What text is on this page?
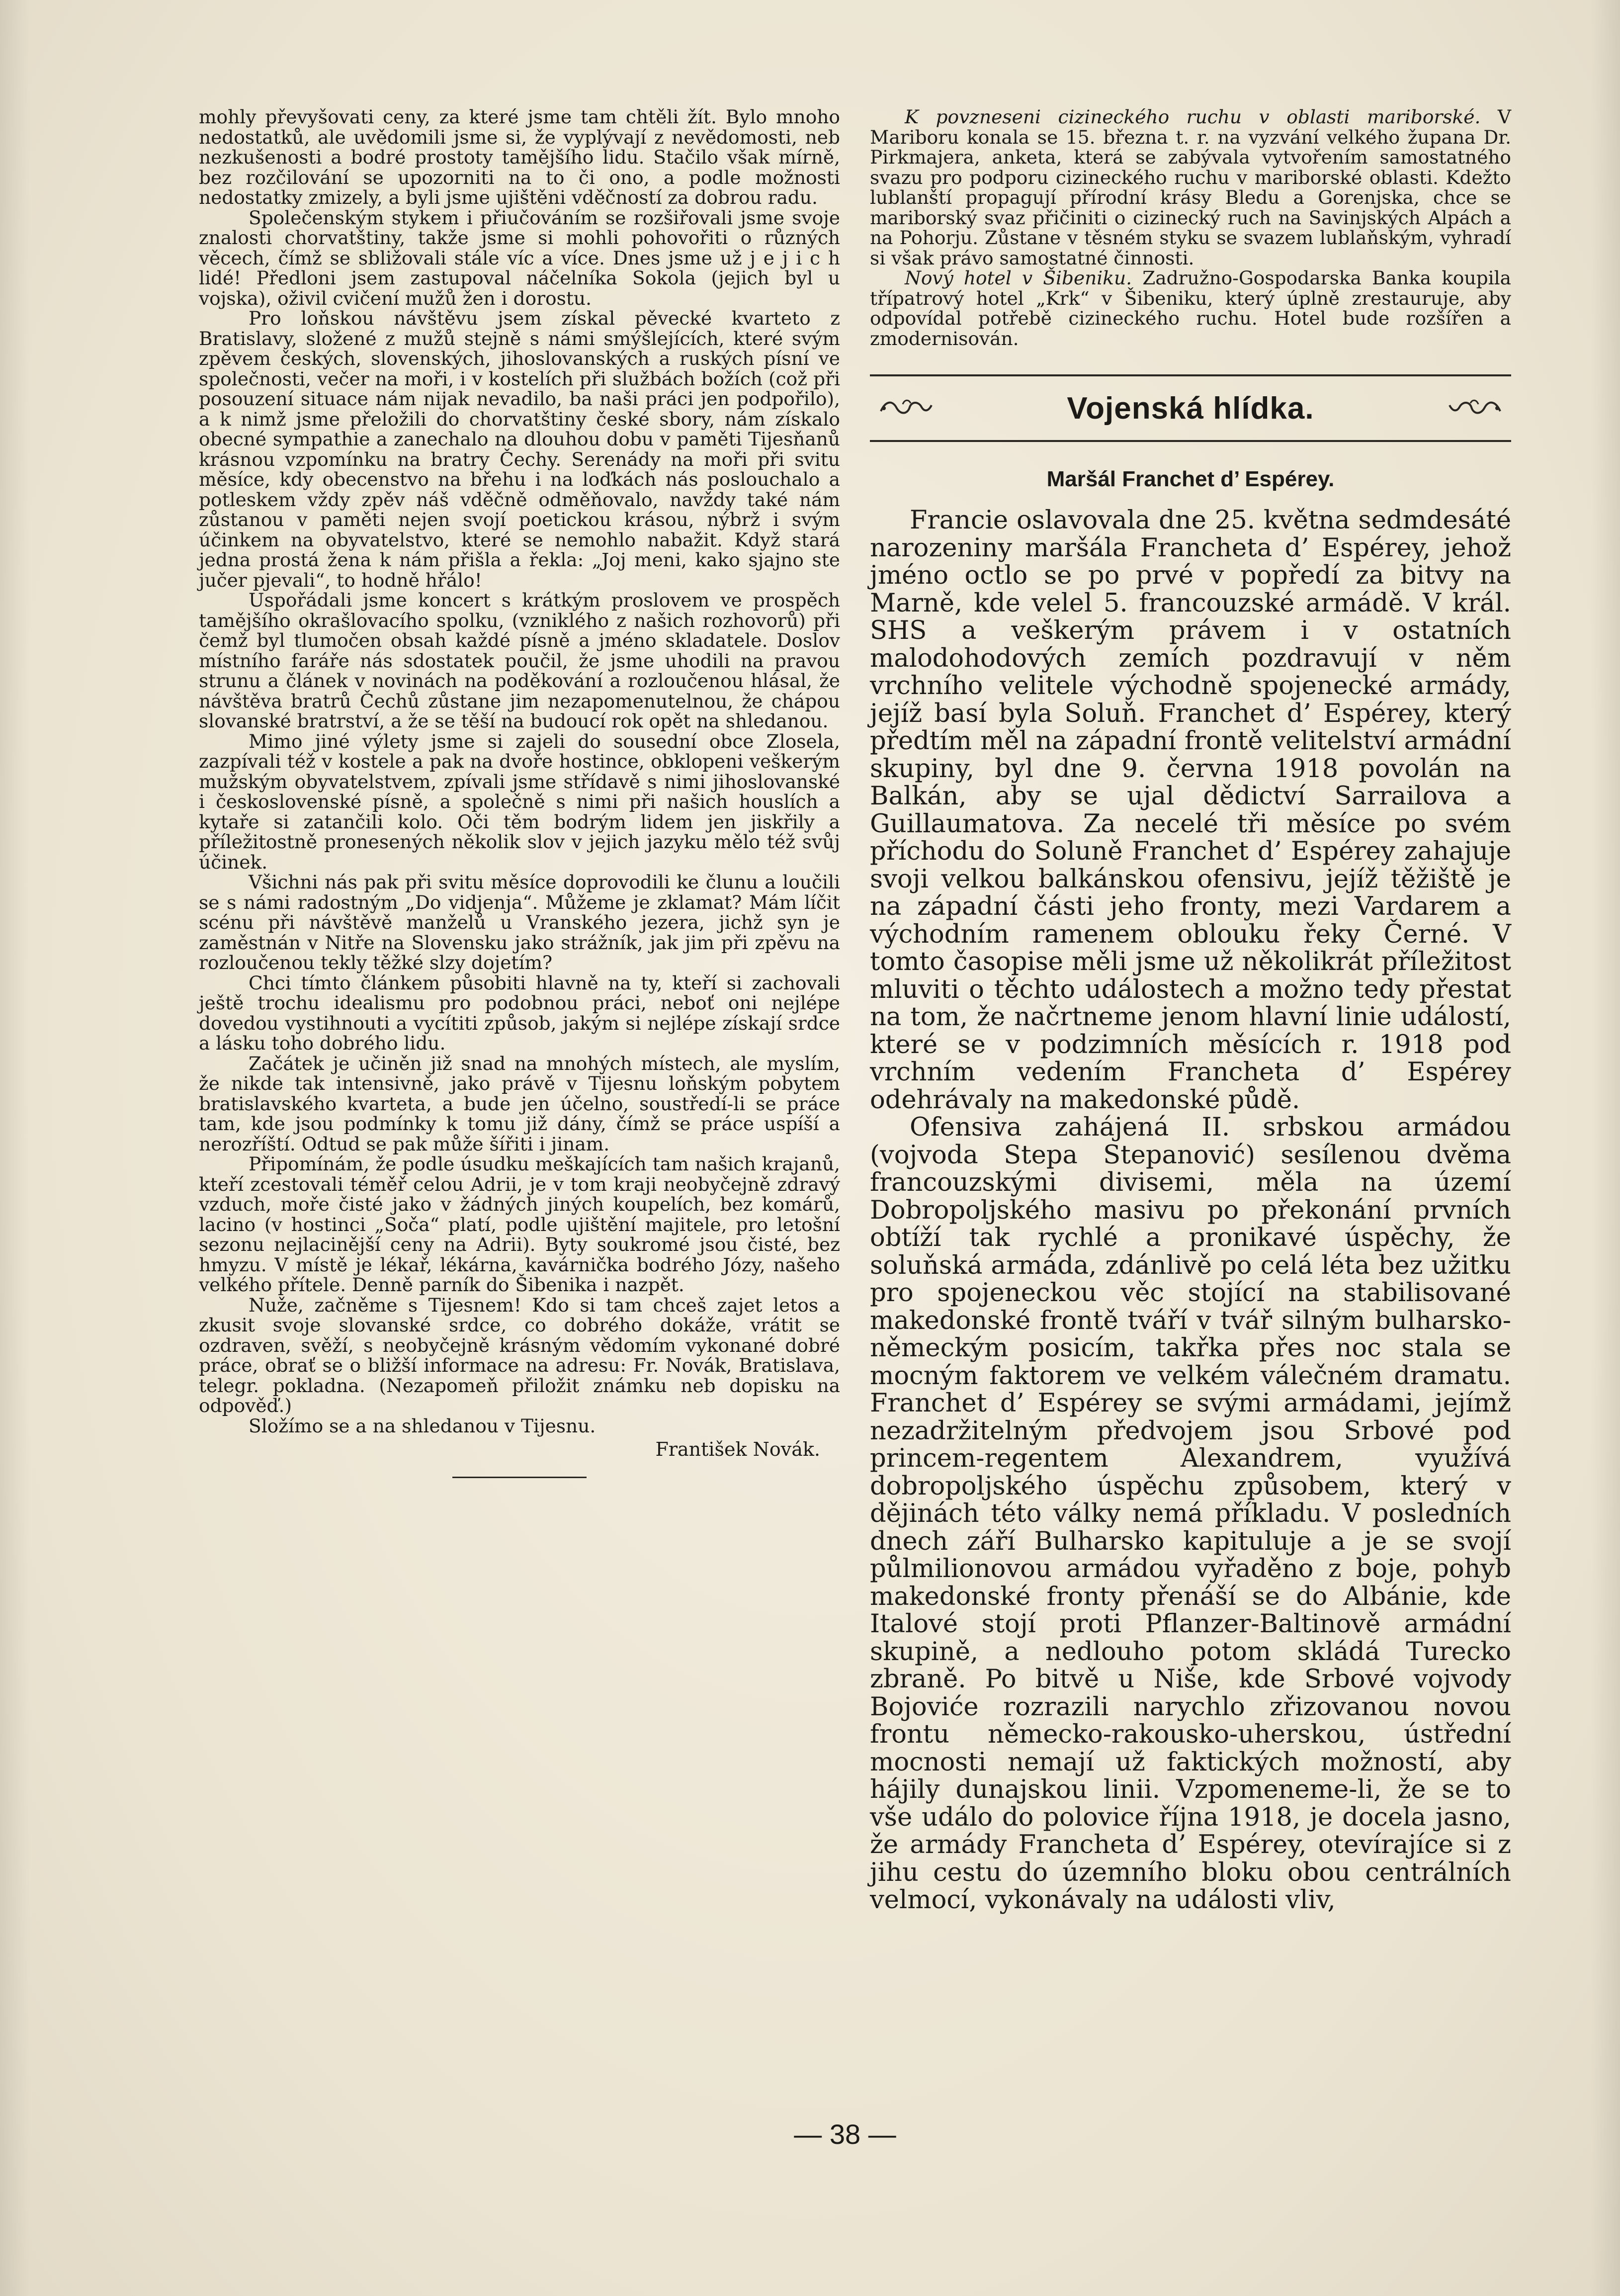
mohly převyšovati ceny, za které jsme tam chtěli žít. Bylo mnoho nedostatků, ale uvědomili jsme si, že vyplývají z nevědomosti, neb nezkušenosti a bodré prostoty tamějšího lidu. Stačilo však mírně, bez rozčilování se upozorniti na to či ono, a podle možnosti nedostatky zmizely, a byli jsme ujištěni vděčností za dobrou radu.

Společenským stykem i přiučováním se rozšiřovali jsme svoje znalosti chorvatštiny, takže jsme si mohli pohovořiti o různých věcech, čímž se sbližovali stále víc a více. Dnes jsme už j e j i c h lidé! Předloni jsem zastupoval náčelníka Sokola (jejich byl u vojska), oživil cvičení mužů žen i dorostu.

Pro loňskou návštěvu jsem získal pěvecké kvarteto z Bratislavy, složené z mužů stejně s námi smýšlejících, které svým zpěvem českých, slovenských, jihoslovanských a ruských písní ve společnosti, večer na moři, i v kostelích při službách božích (což při posouzení situace nám nijak nevadilo, ba naši práci jen podpořilo), a k nimž jsme přeložili do chorvatštiny české sbory, nám získalo obecné sympathie a zanechalo na dlouhou dobu v paměti Tijesňanů krásnou vzpomínku na bratry Čechy. Serenády na moři při svitu měsíce, kdy obecenstvo na břehu i na loďkách nás poslouchalo a potleskem vždy zpěv náš vděčně odměňovalo, navždy také nám zůstanou v paměti nejen svojí poetickou krásou, nýbrž i svým účinkem na obyvatelstvo, které se nemohlo nabažit. Když stará jedna prostá žena k nám přišla a řekla: „Joj meni, kako sjajno ste jučer pjevali“, to hodně hřálo!

Uspořádali jsme koncert s krátkým proslovem ve prospěch tamějšího okrašlovacího spolku, (vzniklého z našich rozhovorů) při čemž byl tlumočen obsah každé písně a jméno skladatele. Doslov místního faráře nás sdostatek poučil, že jsme uhodili na pravou strunu a článek v novinách na poděkování a rozloučenou hlásal, že návštěva bratrů Čechů zůstane jim nezapomenutelnou, že chápou slovanské bratrství, a že se těší na budoucí rok opět na shledanou.

Mimo jiné výlety jsme si zajeli do sousední obce Zlosela, zazpívali též v kostele a pak na dvoře hostince, obklopeni veškerým mužským obyvatelstvem, zpívali jsme střídavě s nimi jihoslovanské i československé písně, a společně s nimi při našich houslích a kytaře si zatančili kolo. Oči těm bodrým lidem jen jiskřily a příležitostně pronesených několik slov v jejich jazyku mělo též svůj účinek.

Všichni nás pak při svitu měsíce doprovodili ke člunu a loučili se s námi radostným „Do vidjenja“. Můžeme je zklamat? Mám líčit scénu při návštěvě manželů u Vranského jezera, jichž syn je zaměstnán v Nitře na Slovensku jako strážník, jak jim při zpěvu na rozloučenou tekly těžké slzy dojetím?

Chci tímto článkem působiti hlavně na ty, kteří si zachovali ještě trochu idealismu pro podobnou práci, neboť oni nejlépe dovedou vystihnouti a vycítiti způsob, jakým si nejlépe získají srdce a lásku toho dobrého lidu.

Začátek je učiněn již snad na mnohých místech, ale myslím, že nikde tak intensivně, jako právě v Tijesnu loňským pobytem bratislavského kvarteta, a bude jen účelno, soustředí-li se práce tam, kde jsou podmínky k tomu již dány, čímž se práce uspíší a nerozříští. Odtud se pak může šířiti i jinam.

Připomínám, že podle úsudku meškajících tam našich krajanů, kteří zcestovali téměř celou Adrii, je v tom kraji neobyčejně zdravý vzduch, moře čisté jako v žádných jiných koupelích, bez komárů, lacino (v hostinci „Soča“ platí, podle ujištění majitele, pro letošní sezonu nejlacinější ceny na Adrii). Byty soukromé jsou čisté, bez hmyzu. V místě je lékař, lékárna, kavárnička bodrého Józy, našeho velkého přítele. Denně parník do Šibenika i nazpět.

Nuže, začněme s Tijesnem! Kdo si tam chceš zajet letos a zkusit svoje slovanské srdce, co dobrého dokáže, vrátit se ozdraven, svěží, s neobyčejně krásným vědomím vykonané dobré práce, obrať se o bližší informace na adresu: Fr. Novák, Bratislava, telegr. pokladna. (Nezapomeň přiložit známku neb dopisku na odpověď.)

Složímo se a na shledanou v Tijesnu.

František Novák.

K povzneseni cizineckého ruchu v oblasti mariborské. V Mariboru konala se 15. března t. r. na vyzvání velkého župana Dr. Pirkmajera, anketa, která se zabývala vytvořením samostatného svazu pro podporu cizineckého ruchu v mariborské oblasti. Kdežto lublanští propagují přírodní krásy Bledu a Gorenjska, chce se mariborský svaz přičiniti o cizinecký ruch na Savinjských Alpách a na Pohorju. Zůstane v těsném styku se svazem lublaňským, vyhradí si však právo samostatné činnosti.

Nový hotel v Šibeniku. Zadružno-Gospodarska Banka koupila třípatrový hotel „Krk“ v Šibeniku, který úplně zrestauruje, aby odpovídal potřebě cizineckého ruchu. Hotel bude rozšířen a zmodernisován.

Vojenská hlídka.
Maršál Franchet d’ Espérey.

Francie oslavovala dne 25. května sedmdesáté narozeniny maršála Francheta d’ Espérey, jehož jméno octlo se po prvé v popředí za bitvy na Marně, kde velel 5. francouzské armádě. V král. SHS a veškerým právem i v ostatních malodohodových zemích pozdravují v něm vrchního velitele východně spojenecké armády, jejíž basí byla Soluň. Franchet d’ Espérey, který předtím měl na západní frontě velitelství armádní skupiny, byl dne 9. června 1918 povolán na Balkán, aby se ujal dědictví Sarrailova a Guillaumatova. Za necelé tři měsíce po svém příchodu do Soluně Franchet d’ Espérey zahajuje svoji velkou balkánskou ofensivu, jejíž těžiště je na západní části jeho fronty, mezi Vardarem a východním ramenem oblouku řeky Černé. V tomto časopise měli jsme už několikrát příležitost mluviti o těchto událostech a možno tedy přestat na tom, že načrtneme jenom hlavní linie událostí, které se v podzimních měsících r. 1918 pod vrchním vedením Francheta d’ Espérey odehrávaly na makedonské půdě.

Ofensiva zahájená II. srbskou armádou (vojvoda Stepa Stepanović) sesílenou dvěma francouzskými divisemi, měla na území Dobropoljského masivu po překonání prvních obtíží tak rychlé a pronikavé úspěchy, že soluňská armáda, zdánlivě po celá léta bez užitku pro spojeneckou věc stojící na stabilisované makedonské frontě tváří v tvář silným bulharsko-německým posicím, takřka přes noc stala se mocným faktorem ve velkém válečném dramatu. Franchet d’ Espérey se svými armádami, jejímž nezadržitelným předvojem jsou Srbové pod princem-regentem Alexandrem, využívá dobropoljského úspěchu způsobem, který v dějinách této války nemá příkladu. V posledních dnech září Bulharsko kapituluje a je se svojí půlmilionovou armádou vyřaděno z boje, pohyb makedonské fronty přenáší se do Albánie, kde Italové stojí proti Pflanzer-Baltinově armádní skupině, a nedlouho potom skládá Turecko zbraně. Po bitvě u Niše, kde Srbové vojvody Bojoviće rozrazili narychlo zřizovanou novou frontu německo-rakousko-uherskou, ústřední mocnosti nemají už faktických možností, aby hájily dunajskou linii. Vzpomeneme-li, že se to vše událo do polovice října 1918, je docela jasno, že armády Francheta d’ Espérey, otevírajíce si z jihu cestu do územního bloku obou centrálních velmocí, vykonávaly na události vliv,

— 38 —
